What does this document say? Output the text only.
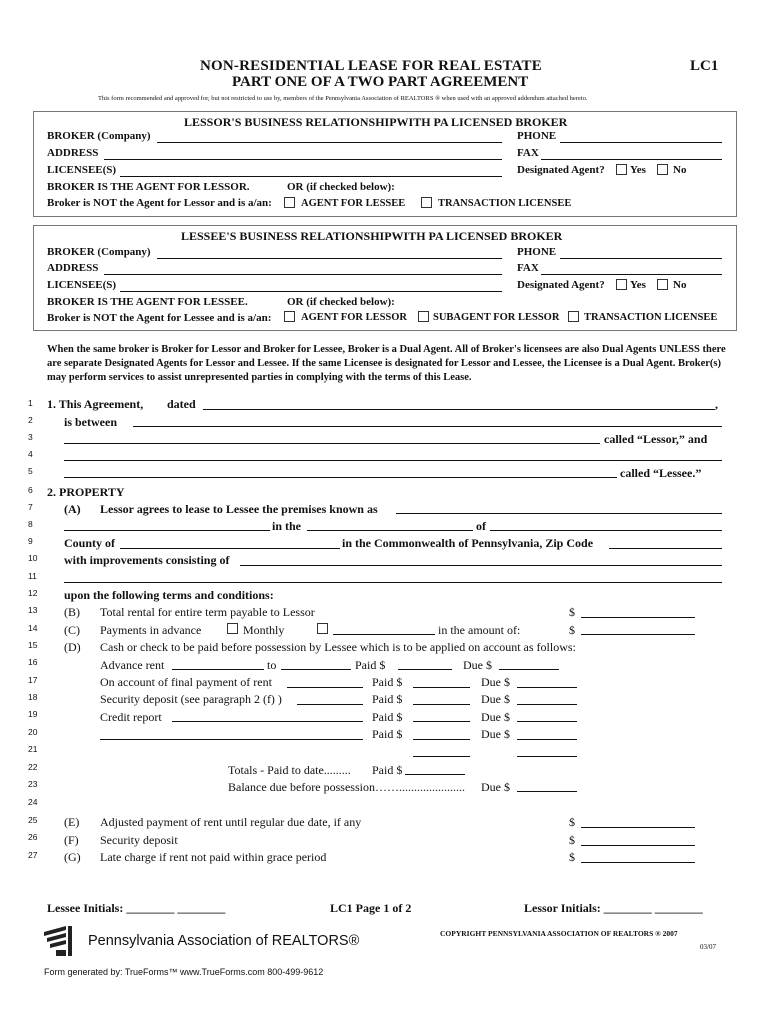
NON-RESIDENTIAL LEASE FOR REAL ESTATE
PART ONE OF A TWO PART AGREEMENT
LC1
This form recommended and approved for, but not restricted to use by, members of the Pennsylvania Association of REALTORS ® when used with an approved addendum attached hereto.
LESSOR'S BUSINESS RELATIONSHIPWITH PA LICENSED BROKER
BROKER (Company)	PHONE
ADDRESS	FAX
LICENSEE(S)	Designated Agent? Yes No
BROKER IS THE AGENT FOR LESSOR.	OR (if checked below):
Broker is NOT the Agent for Lessor and is a/an:	AGENT FOR LESSEE	TRANSACTION LICENSEE
LESSEE'S BUSINESS RELATIONSHIPWITH PA LICENSED BROKER
BROKER (Company)	PHONE
ADDRESS	FAX
LICENSEE(S)	Designated Agent? Yes No
BROKER IS THE AGENT FOR LESSEE.	OR (if checked below):
Broker is NOT the Agent for Lessee and is a/an:	AGENT FOR LESSOR SUBAGENT FOR LESSOR TRANSACTION LICENSEE
When the same broker is Broker for Lessor and Broker for Lessee, Broker is a Dual Agent. All of Broker's licensees are also Dual Agents UNLESS there are separate Designated Agents for Lessor and Lessee. If the same Licensee is designated for Lessor and Lessee, the Licensee is a Dual Agent. Broker(s) may perform services to assist unrepresented parties in complying with the terms of this Lease.
1
2
3
4
5
6
7
8
9
10
11
12
13
14
15
16
17
18
19
20
21
22
23
24
25
26
27
1. This Agreement, dated	,
is between
called “Lessor,” and
called “Lessee.”
2. PROPERTY
(A) Lessor agrees to lease to Lessee the premises known as
in the	of
County of	in the Commonwealth of Pennsylvania, Zip Code
with improvements consisting of
upon the following terms and conditions:
(B) Total rental for entire term payable to Lessor	$
(C) Payments in advance	Monthly	in the amount of:	$
(D) Cash or check to be paid before possession by Lessee which is to be applied on account as follows:
Advance rent	to	Paid $	Due $
On account of final payment of rent	Paid $	Due $
Security deposit (see paragraph 2 (f) )	Paid $	Due $
Credit report	Paid $	Due $
Paid $	Due $
Totals - Paid to date......... Paid $
Balance due before possession……...................... Due $
(E) Adjusted payment of rent until regular due date, if any	$
(F) Security deposit	$
(G) Late charge if rent not paid within grace period	$
Lessee Initials: ________ ________	LC1 Page 1 of 2	Lessor Initials: ________ ________
Pennsylvania Association of REALTORS®	COPYRIGHT PENNSYLVANIA ASSOCIATION OF REALTORS ® 2007
03/07
Form generated by: TrueForms™ www.TrueForms.com 800-499-9612
